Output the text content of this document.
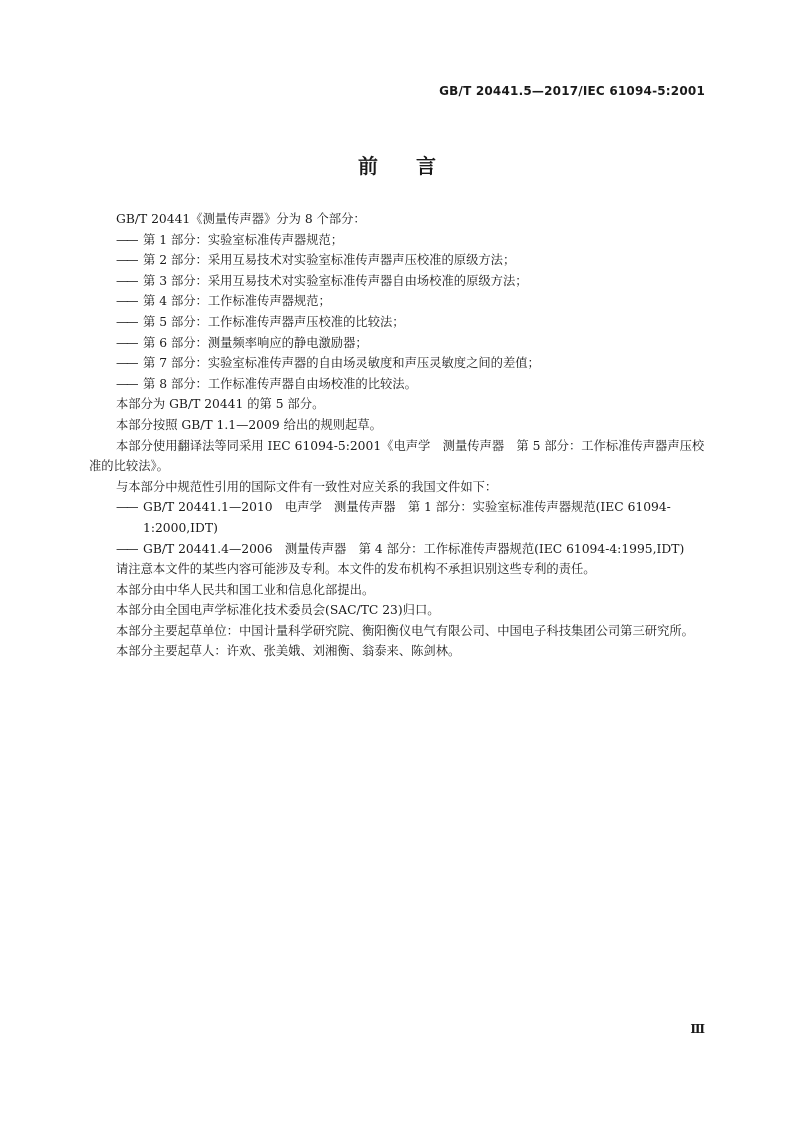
GB/T 20441.5—2017/IEC 61094-5:2001
前言

GB/T 20441《测量传声器》分为 8 个部分：

—— 第 1 部分：实验室标准传声器规范；

—— 第 2 部分：采用互易技术对实验室标准传声器声压校准的原级方法；

—— 第 3 部分：采用互易技术对实验室标准传声器自由场校准的原级方法；

—— 第 4 部分：工作标准传声器规范；

—— 第 5 部分：工作标准传声器声压校准的比较法；

—— 第 6 部分：测量频率响应的静电激励器；

—— 第 7 部分：实验室标准传声器的自由场灵敏度和声压灵敏度之间的差值；

—— 第 8 部分：工作标准传声器自由场校准的比较法。

本部分为 GB/T 20441 的第 5 部分。

本部分按照 GB/T 1.1—2009 给出的规则起草。

本部分使用翻译法等同采用 IEC 61094-5:2001《电声学　测量传声器　第 5 部分：工作标准传声器声压校准的比较法》。

与本部分中规范性引用的国际文件有一致性对应关系的我国文件如下：

—— GB/T 20441.1—2010　电声学　测量传声器　第 1 部分：实验室标准传声器规范(IEC 61094-1:2000,IDT)

—— GB/T 20441.4—2006　测量传声器　第 4 部分：工作标准传声器规范(IEC 61094-4:1995,IDT)

请注意本文件的某些内容可能涉及专利。本文件的发布机构不承担识别这些专利的责任。

本部分由中华人民共和国工业和信息化部提出。

本部分由全国电声学标准化技术委员会(SAC/TC 23)归口。

本部分主要起草单位：中国计量科学研究院、衡阳衡仪电气有限公司、中国电子科技集团公司第三研究所。

本部分主要起草人：许欢、张美娥、刘湘衡、翁泰来、陈剑林。

Ⅲ
